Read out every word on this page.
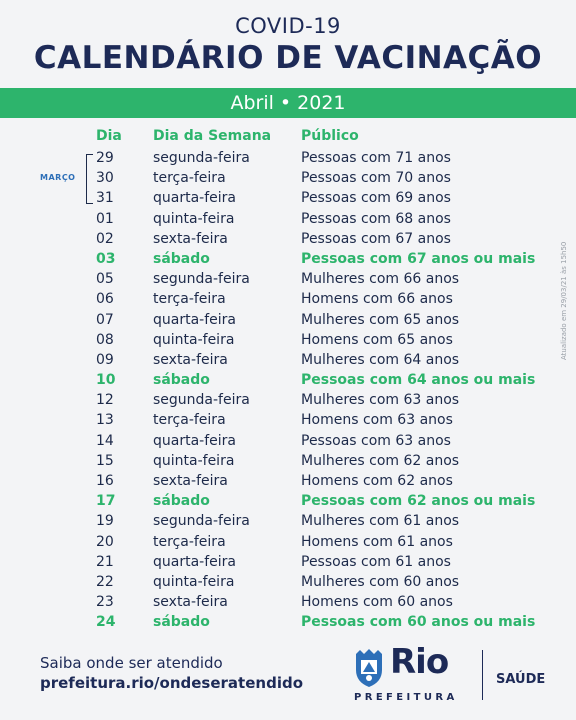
COVID-19
CALENDÁRIO DE VACINAÇÃO
Abril • 2021
Dia Dia da Semana Público
MARÇO
29	segunda-feira	Pessoas com 71 anos
30	terça-feira	Pessoas com 70 anos
31	quarta-feira	Pessoas com 69 anos
01	quinta-feira	Pessoas com 68 anos
02	sexta-feira	Pessoas com 67 anos
03	sábado	Pessoas com 67 anos ou mais
05	segunda-feira	Mulheres com 66 anos
06	terça-feira	Homens com 66 anos
07	quarta-feira	Mulheres com 65 anos
08	quinta-feira	Homens com 65 anos
09	sexta-feira	Mulheres com 64 anos
10	sábado	Pessoas com 64 anos ou mais
12	segunda-feira	Mulheres com 63 anos
13	terça-feira	Homens com 63 anos
14	quarta-feira	Pessoas com 63 anos
15	quinta-feira	Mulheres com 62 anos
16	sexta-feira	Homens com 62 anos
17	sábado	Pessoas com 62 anos ou mais
19	segunda-feira	Mulheres com 61 anos
20	terça-feira	Homens com 61 anos
21	quarta-feira	Pessoas com 61 anos
22	quinta-feira	Mulheres com 60 anos
23	sexta-feira	Homens com 60 anos
24	sábado	Pessoas com 60 anos ou mais
Atualizado em 29/03/21 às 15h50
Saiba onde ser atendido
prefeitura.rio/ondeseratendido
Rio
PREFEITURA
SAÚDE
